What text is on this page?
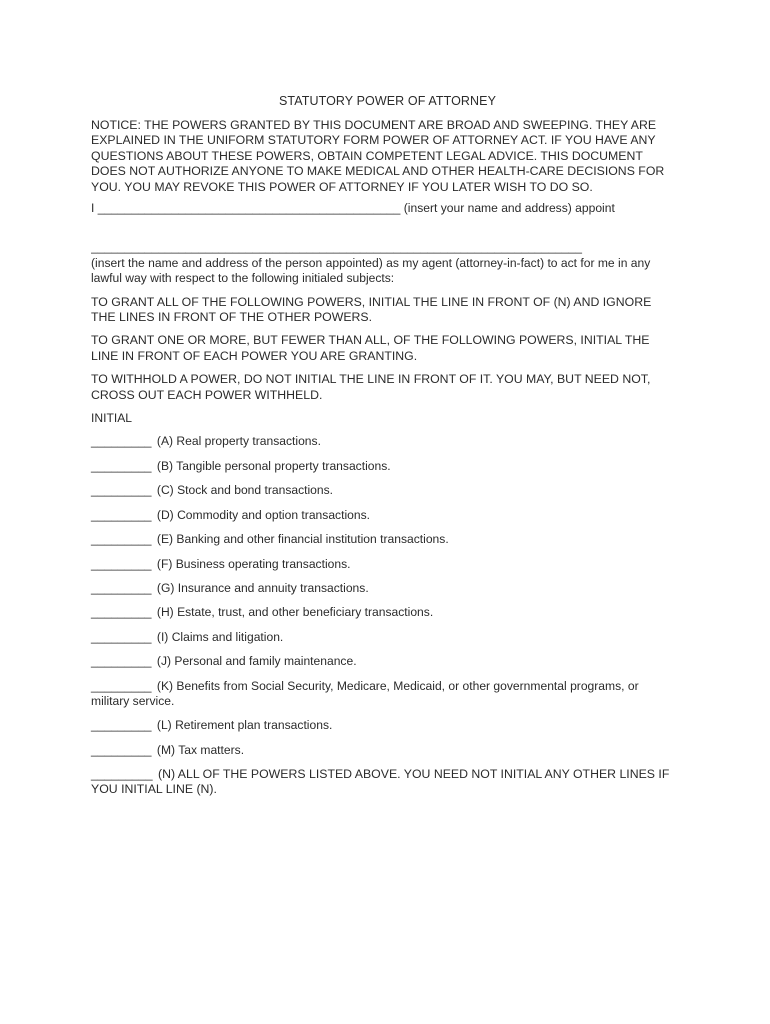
STATUTORY POWER OF ATTORNEY

NOTICE: THE POWERS GRANTED BY THIS DOCUMENT ARE BROAD AND SWEEPING. THEY ARE EXPLAINED IN THE UNIFORM STATUTORY FORM POWER OF ATTORNEY ACT. IF YOU HAVE ANY QUESTIONS ABOUT THESE POWERS, OBTAIN COMPETENT LEGAL ADVICE. THIS DOCUMENT DOES NOT AUTHORIZE ANYONE TO MAKE MEDICAL AND OTHER HEALTH-CARE DECISIONS FOR YOU. YOU MAY REVOKE THIS POWER OF ATTORNEY IF YOU LATER WISH TO DO SO.

I _____________________________________________ (insert your name and address) appoint

_________________________________________________________________________

(insert the name and address of the person appointed) as my agent (attorney-in-fact) to act for me in any lawful way with respect to the following initialed subjects:

TO GRANT ALL OF THE FOLLOWING POWERS, INITIAL THE LINE IN FRONT OF (N) AND IGNORE THE LINES IN FRONT OF THE OTHER POWERS.

TO GRANT ONE OR MORE, BUT FEWER THAN ALL, OF THE FOLLOWING POWERS, INITIAL THE LINE IN FRONT OF EACH POWER YOU ARE GRANTING.

TO WITHHOLD A POWER, DO NOT INITIAL THE LINE IN FRONT OF IT. YOU MAY, BUT NEED NOT, CROSS OUT EACH POWER WITHHELD.

INITIAL
_________ (A) Real property transactions.
_________ (B) Tangible personal property transactions.
_________ (C) Stock and bond transactions.
_________ (D) Commodity and option transactions.
_________ (E) Banking and other financial institution transactions.
_________ (F) Business operating transactions.
_________ (G) Insurance and annuity transactions.
_________ (H) Estate, trust, and other beneficiary transactions.
_________ (I) Claims and litigation.
_________ (J) Personal and family maintenance.
_________ (K) Benefits from Social Security, Medicare, Medicaid, or other governmental programs, or military service.
_________ (L) Retirement plan transactions.
_________ (M) Tax matters.
_________ (N) ALL OF THE POWERS LISTED ABOVE. YOU NEED NOT INITIAL ANY OTHER LINES IF YOU INITIAL LINE (N).
